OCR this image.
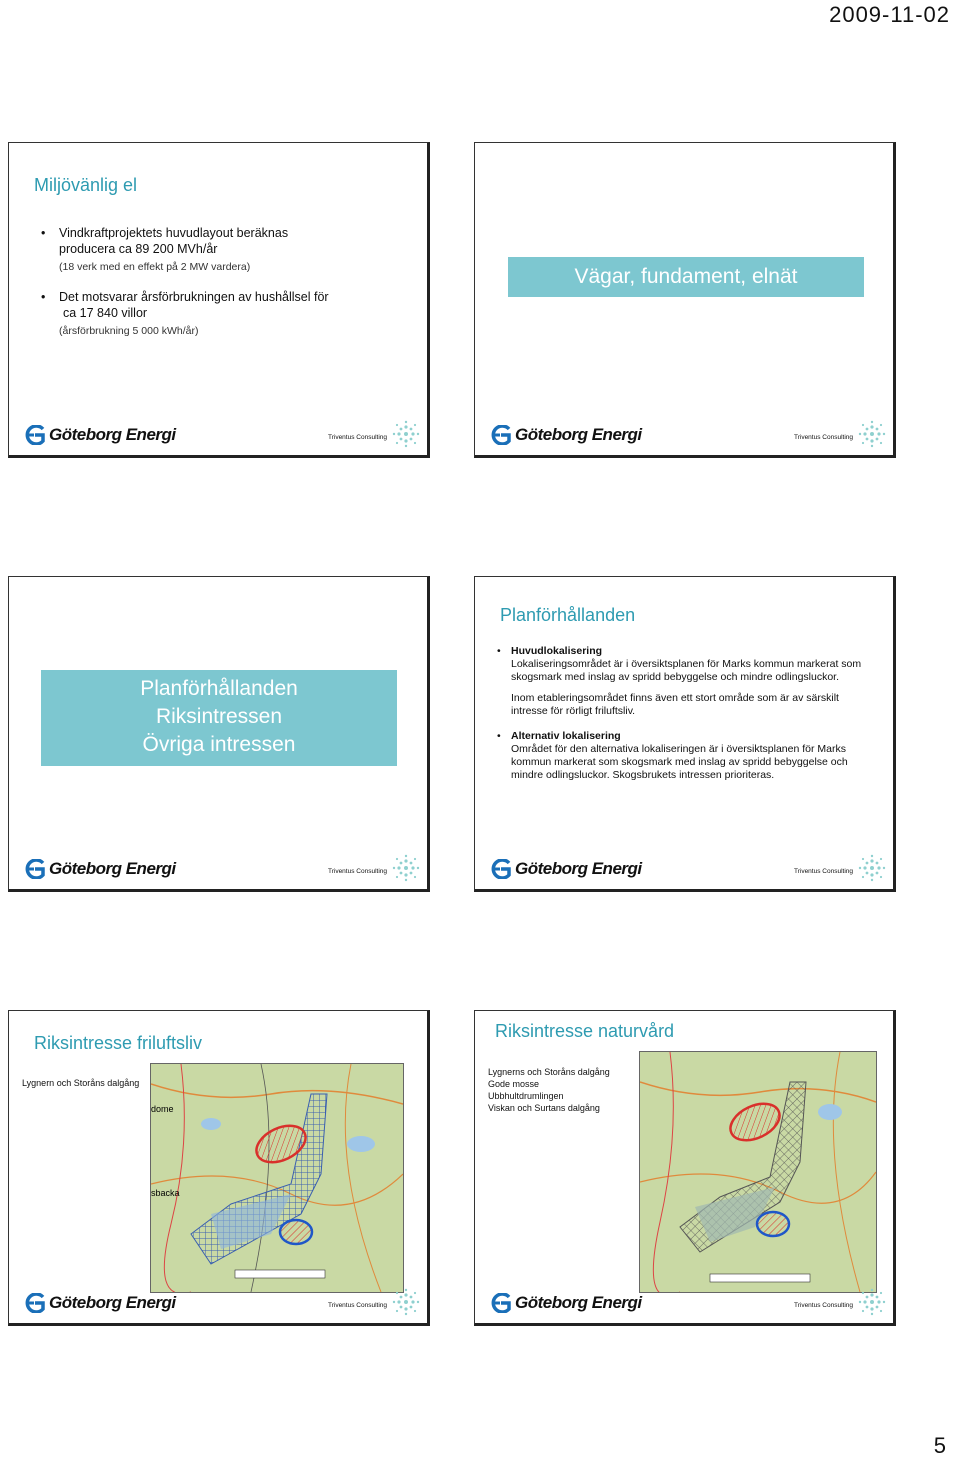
2009-11-02
Miljövänlig el
• Vindkraftprojektets huvudlayout beräknas
producera ca 89 200 MVh/år
(18 verk med en effekt på 2 MW vardera)
• Det motsvarar årsförbrukningen av hushållsel för
ca 17 840 villor
(årsförbrukning 5 000 kWh/år)
Göteborg Energi	Triventus Consulting
Vägar, fundament, elnät
Göteborg Energi	Triventus Consulting
Planförhållanden
Riksintressen
Övriga intressen
Göteborg Energi	Triventus Consulting
Planförhållanden
• Huvudlokalisering

Lokaliseringsområdet är i översiktsplanen för Marks kommun markerat som skogsmark med inslag av spridd bebyggelse och mindre odlingsluckor.

Inom etableringsområdet finns även ett stort område som är av särskilt intresse för rörligt friluftsliv.

• Alternativ lokalisering

Området för den alternativa lokaliseringen är i översiktsplanen för Marks kommun markerat som skogsmark med inslag av spridd bebyggelse och mindre odlingsluckor. Skogsbrukets intressen prioriteras.

Göteborg Energi	Triventus Consulting
Riksintresse friluftsliv
Lygnern och Storåns dalgång
dome
sbacka
Göteborg Energi	Triventus Consulting
Riksintresse naturvård
Lygnerns och Storåns dalgång
Gode mosse
Ubbhultdrumlingen
Viskan och Surtans dalgång
Göteborg Energi	Triventus Consulting
5
